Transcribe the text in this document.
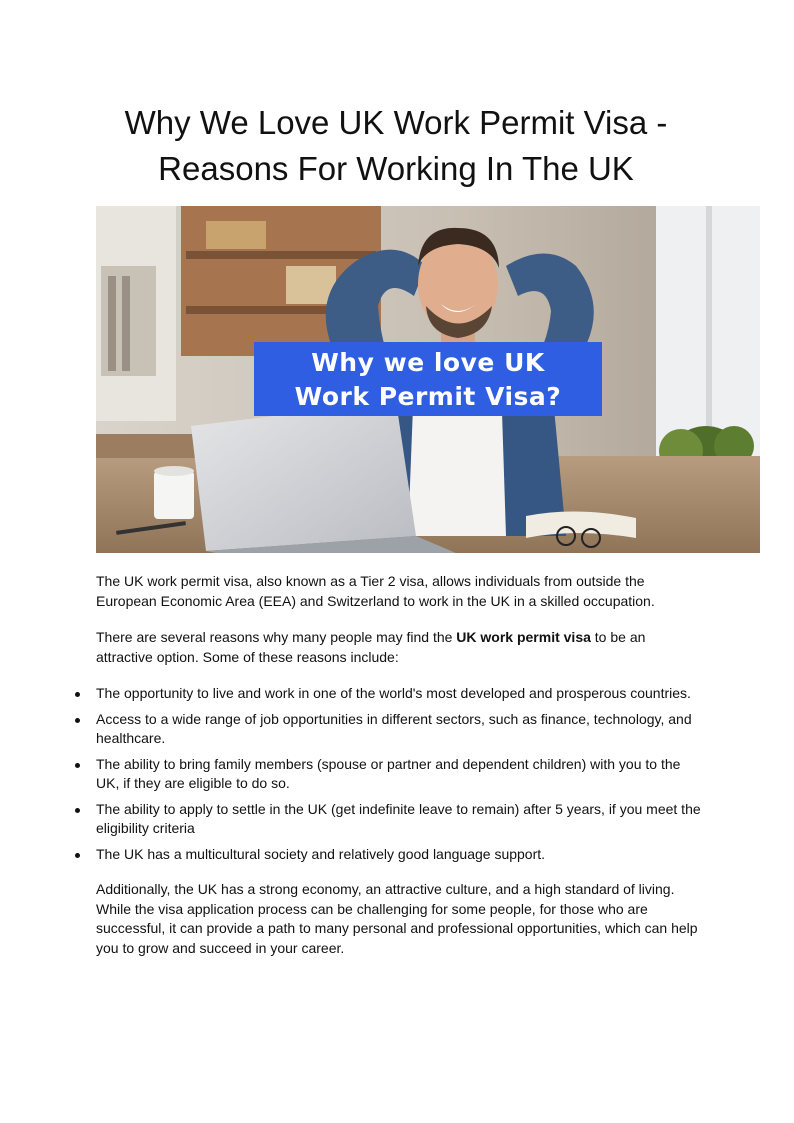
Why We Love UK Work Permit Visa -
Reasons For Working In The UK
Why we love UK
Work Permit Visa?

The UK work permit visa, also known as a Tier 2 visa, allows individuals from outside the European Economic Area (EEA) and Switzerland to work in the UK in a skilled occupation.

There are several reasons why many people may find the UK work permit visa to be an attractive option. Some of these reasons include:

The opportunity to live and work in one of the world's most developed and prosperous countries.
Access to a wide range of job opportunities in different sectors, such as finance, technology, and healthcare.
The ability to bring family members (spouse or partner and dependent children) with you to the UK, if they are eligible to do so.
The ability to apply to settle in the UK (get indefinite leave to remain) after 5 years, if you meet the eligibility criteria
The UK has a multicultural society and relatively good language support.

Additionally, the UK has a strong economy, an attractive culture, and a high standard of living. While the visa application process can be challenging for some people, for those who are successful, it can provide a path to many personal and professional opportunities, which can help you to grow and succeed in your career.
